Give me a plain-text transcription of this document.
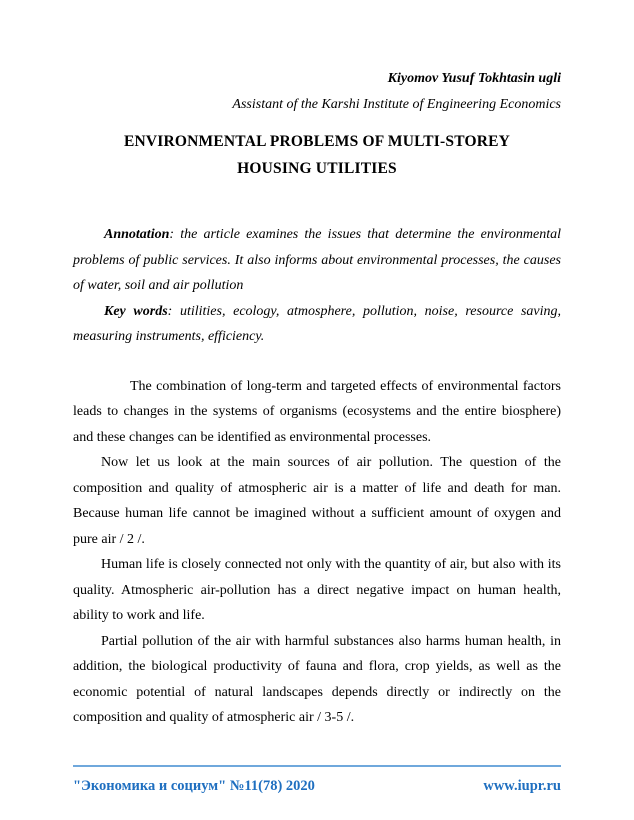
Kiyomov Yusuf Tokhtasin ugli
Assistant of the Karshi Institute of Engineering Economics
ENVIRONMENTAL PROBLEMS OF MULTI-STOREY
HOUSING UTILITIES

Annotation: the article examines the issues that determine the environmental problems of public services. It also informs about environmental processes, the causes of water, soil and air pollution

Key words: utilities, ecology, atmosphere, pollution, noise, resource saving, measuring instruments, efficiency.

The combination of long-term and targeted effects of environmental factors leads to changes in the systems of organisms (ecosystems and the entire biosphere) and these changes can be identified as environmental processes.

Now let us look at the main sources of air pollution. The question of the composition and quality of atmospheric air is a matter of life and death for man. Because human life cannot be imagined without a sufficient amount of oxygen and pure air / 2 /.

Human life is closely connected not only with the quantity of air, but also with its quality. Atmospheric air-pollution has a direct negative impact on human health, ability to work and life.

Partial pollution of the air with harmful substances also harms human health, in addition, the biological productivity of fauna and flora, crop yields, as well as the economic potential of natural landscapes depends directly or indirectly on the composition and quality of atmospheric air / 3-5 /.

"Экономика и социум" №11(78) 2020	www.iupr.ru
